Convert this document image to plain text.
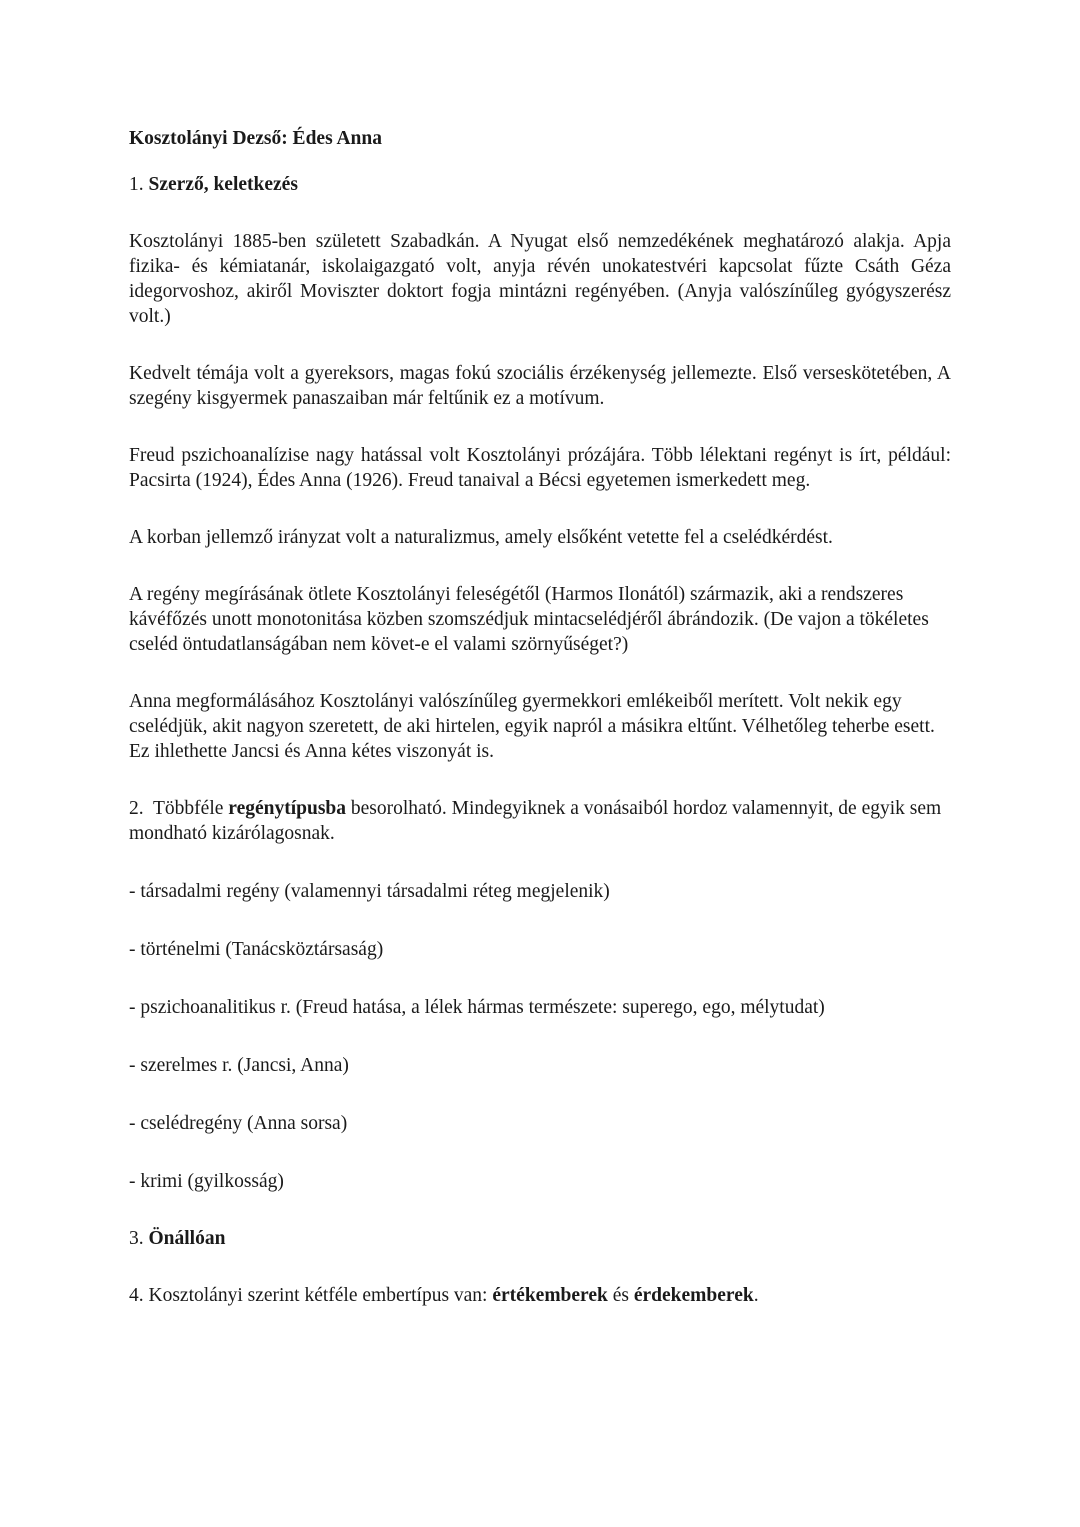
Kosztolányi Dezső: Édes Anna

1. Szerző, keletkezés

Kosztolányi 1885-ben született Szabadkán. A Nyugat első nemzedékének meghatározó alakja. Apja fizika- és kémiatanár, iskolaigazgató volt, anyja révén unokatestvéri kapcsolat fűzte Csáth Géza idegorvoshoz, akiről Moviszter doktort fogja mintázni regényében. (Anyja valószínűleg gyógyszerész volt.)

Kedvelt témája volt a gyereksors, magas fokú szociális érzékenység jellemezte. Első verseskötetében, A szegény kisgyermek panaszaiban már feltűnik ez a motívum.

Freud pszichoanalízise nagy hatással volt Kosztolányi prózájára. Több lélektani regényt is írt, például: Pacsirta (1924), Édes Anna (1926). Freud tanaival a Bécsi egyetemen ismerkedett meg.

A korban jellemző irányzat volt a naturalizmus, amely elsőként vetette fel a cselédkérdést.

A regény megírásának ötlete Kosztolányi feleségétől (Harmos Ilonától) származik, aki a rendszeres kávéfőzés unott monotonitása közben szomszédjuk mintacselédjéről ábrándozik. (De vajon a tökéletes cseléd öntudatlanságában nem követ-e el valami szörnyűséget?)

Anna megformálásához Kosztolányi valószínűleg gyermekkori emlékeiből merített. Volt nekik egy cselédjük, akit nagyon szeretett, de aki hirtelen, egyik napról a másikra eltűnt. Vélhetőleg teherbe esett. Ez ihlethette Jancsi és Anna kétes viszonyát is.

2.  Többféle regénytípusba besorolható. Mindegyiknek a vonásaiból hordoz valamennyit, de egyik sem mondható kizárólagosnak.

- társadalmi regény (valamennyi társadalmi réteg megjelenik)

- történelmi (Tanácsköztársaság)

- pszichoanalitikus r. (Freud hatása, a lélek hármas természete: superego, ego, mélytudat)

- szerelmes r. (Jancsi, Anna)

- cselédregény (Anna sorsa)

- krimi (gyilkosság)

3. Önállóan

4. Kosztolányi szerint kétféle embertípus van: értékemberek és érdekemberek.
